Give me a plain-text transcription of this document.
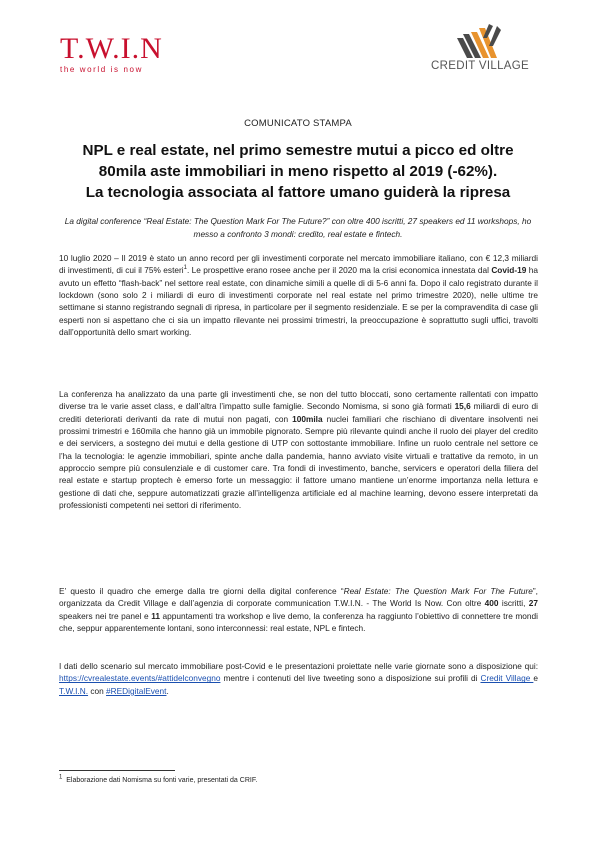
T.W.I.N
the world is now	CREDIT VILLAGE
COMUNICATO STAMPA
NPL e real estate, nel primo semestre mutui a picco ed oltre
80mila aste immobiliari in meno rispetto al 2019 (-62%).
La tecnologia associata al fattore umano guiderà la ripresa
La digital conference “Real Estate: The Question Mark For The Future?” con oltre 400 iscritti, 27 speakers ed 11 workshops, ho messo a confronto 3 mondi: credito, real estate e fintech.

10 luglio 2020 – Il 2019 è stato un anno record per gli investimenti corporate nel mercato immobiliare italiano, con € 12,3 miliardi di investimenti, di cui il 75% esteri$^1$. Le prospettive erano rosee anche per il 2020 ma la crisi economica innestata dal Covid-19 ha avuto un effetto “flash-back” nel settore real estate, con dinamiche simili a quelle di di 5-6 anni fa. Dopo il calo registrato durante il lockdown (sono solo 2 i miliardi di euro di investimenti corporate nel real estate nel primo trimestre 2020), nelle ultime tre settimane si stanno registrando segnali di ripresa, in particolare per il segmento residenziale. E se per la compravendita di case gli esperti non si aspettano che ci sia un impatto rilevante nei prossimi trimestri, la preoccupazione è soprattutto sugli uffici, travolti dall’opportunità dello smart working.

La conferenza ha analizzato da una parte gli investimenti che, se non del tutto bloccati, sono certamente rallentati con impatto diverse tra le varie asset class, e dall’altra l’impatto sulle famiglie. Secondo Nomisma, si sono già formati 15,6 miliardi di euro di crediti deteriorati derivanti da rate di mutui non pagati, con 100mila nuclei familiari che rischiano di diventare insolventi nei prossimi trimestri e 160mila che hanno già un immobile pignorato. Sempre più rilevante quindi anche il ruolo dei player del credito e dei servicers, a sostegno dei mutui e della gestione di UTP con sottostante immobiliare. Infine un ruolo centrale nel settore ce l’ha la tecnologia: le agenzie immobiliari, spinte anche dalla pandemia, hanno avviato visite virtuali e trattative da remoto, in un approccio sempre più consulenziale e di customer care. Tra fondi di investimento, banche, servicers e operatori della filiera del real estate e startup proptech è emerso forte un messaggio: il fattore umano mantiene un’enorme importanza nella lettura e gestione di dati che, seppure automatizzati grazie all’intelligenza artificiale ed al machine learning, devono essere interpretati da professionisti competenti nei settori di riferimento.

E’ questo il quadro che emerge dalla tre giorni della digital conference “Real Estate: The Question Mark For The Future”, organizzata da Credit Village e dall’agenzia di corporate communication T.W.I.N. - The World Is Now. Con oltre 400 iscritti, 27 speakers nei tre panel e 11 appuntamenti tra workshop e live demo, la conferenza ha raggiunto l’obiettivo di connettere tre mondi che, seppur apparentemente lontani, sono interconnessi: real estate, NPL e fintech.

I dati dello scenario sul mercato immobiliare post-Covid e le presentazioni proiettate nelle varie giornate sono a disposizione qui: https://cvrealestate.events/#attidelconvegno mentre i contenuti del live tweeting sono a disposizione sui profili di Credit Village e T.W.I.N. con #REDigitalEvent.

$^1$ Elaborazione dati Nomisma su fonti varie, presentati da CRIF.
